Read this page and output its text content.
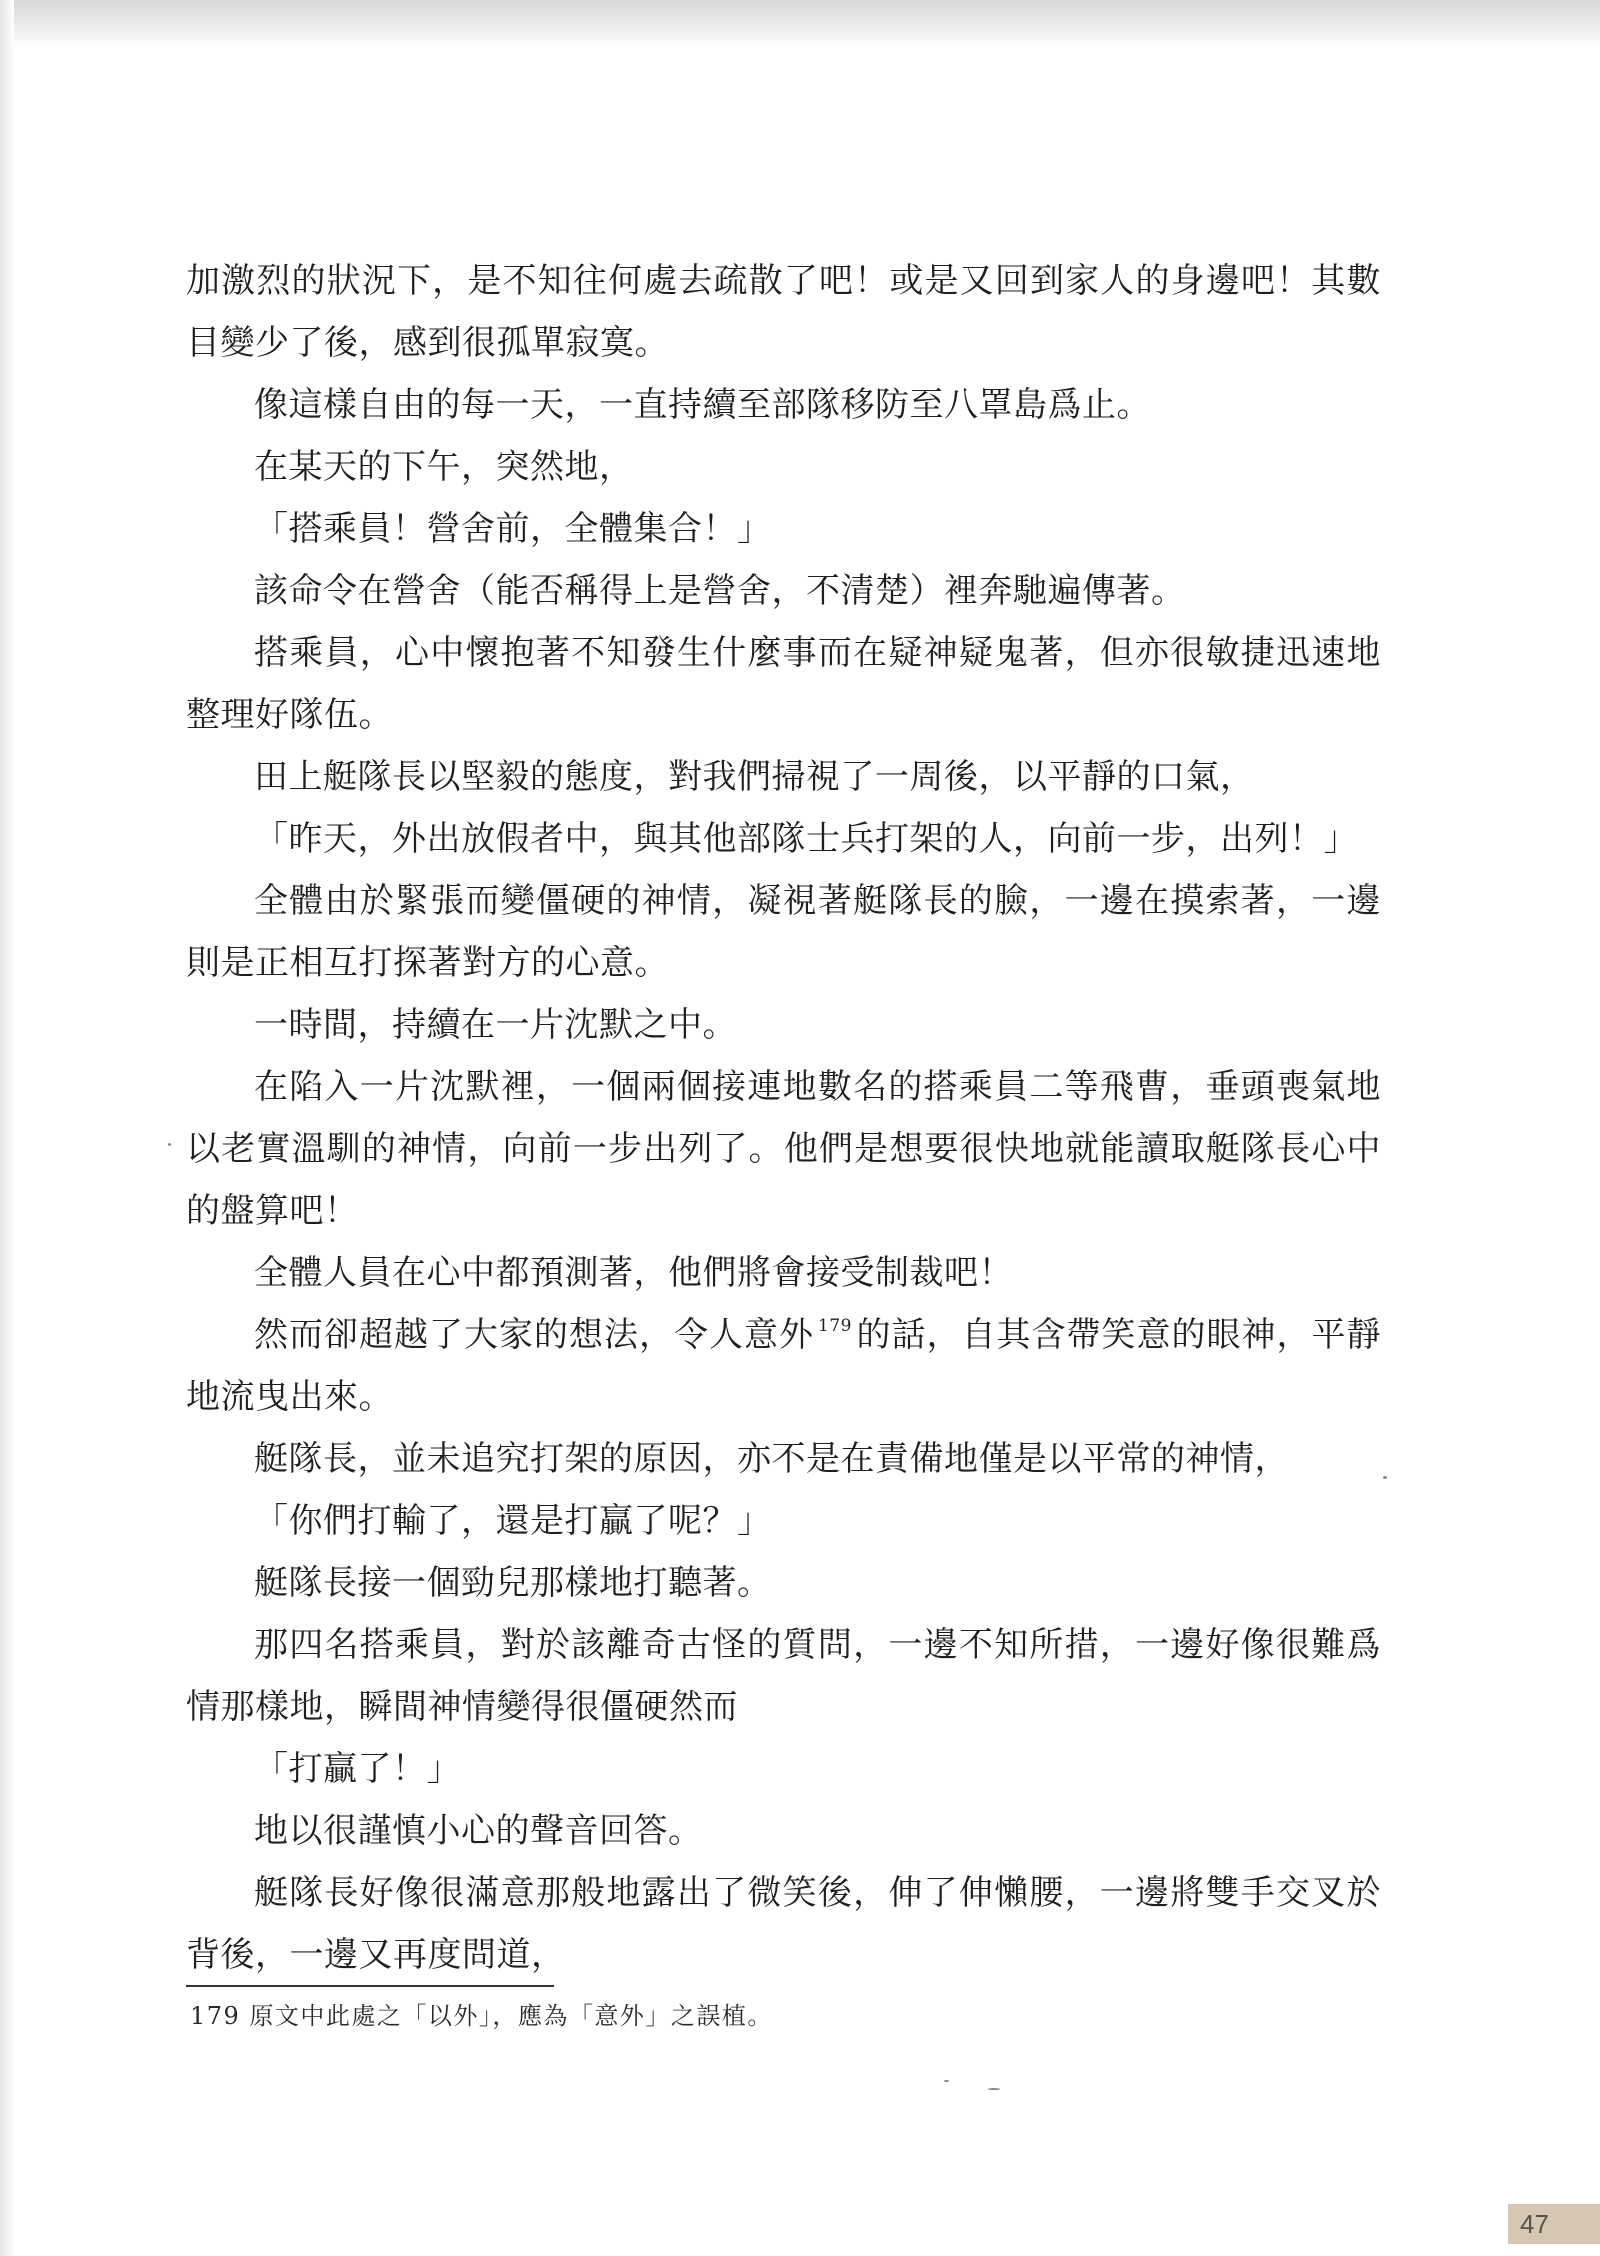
加激烈的狀況下，是不知往何處去疏散了吧！或是又回到家人的身邊吧！其數目變少了後，感到很孤單寂寞。

像這樣自由的每一天，一直持續至部隊移防至八罩島爲止。

在某天的下午，突然地，

「搭乘員！營舍前，全體集合！」

該命令在營舍（能否稱得上是營舍，不清楚）裡奔馳遍傳著。

搭乘員，心中懷抱著不知發生什麼事而在疑神疑鬼著，但亦很敏捷迅速地整理好隊伍。

田上艇隊長以堅毅的態度，對我們掃視了一周後，以平靜的口氣，

「昨天，外出放假者中，與其他部隊士兵打架的人，向前一步，出列！」

全體由於緊張而變僵硬的神情，凝視著艇隊長的臉，一邊在摸索著，一邊則是正相互打探著對方的心意。

一時間，持續在一片沈默之中。

在陷入一片沈默裡，一個兩個接連地數名的搭乘員二等飛曹，垂頭喪氣地以老實溫馴的神情，向前一步出列了。他們是想要很快地就能讀取艇隊長心中的盤算吧！

全體人員在心中都預測著，他們將會接受制裁吧！

然而卻超越了大家的想法，令人意外 $^{179}$ 的話，自其含帶笑意的眼神，平靜地流曳出來。

艇隊長，並未追究打架的原因，亦不是在責備地僅是以平常的神情，

「你們打輸了，還是打贏了呢？」

艇隊長接一個勁兒那樣地打聽著。

那四名搭乘員，對於該離奇古怪的質問，一邊不知所措，一邊好像很難爲情那樣地，瞬間神情變得很僵硬然而

「打贏了！」

地以很謹慎小心的聲音回答。

艇隊長好像很滿意那般地露出了微笑後，伸了伸懶腰，一邊將雙手交叉於背後，一邊又再度問道，

179 原文中此處之「以外」，應為「意外」之誤植。
47
